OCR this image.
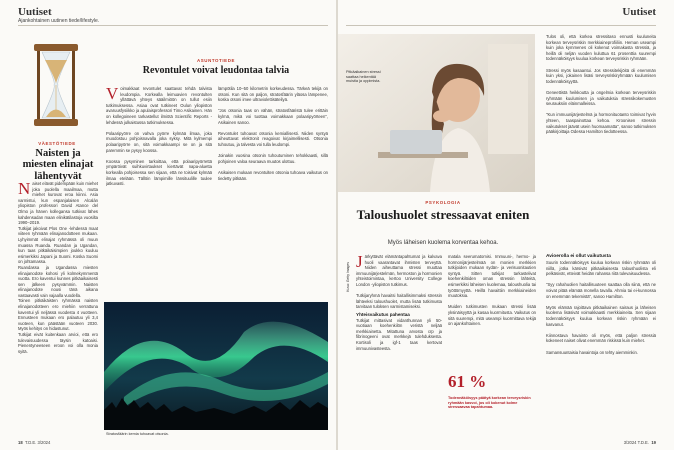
Uutiset
Ajankohtainen uutinen tiede/lifestyle.
VÄESTÖTIEDE
Naisten ja miesten elinajat lähentyvät
N aiset elävät pidempään kuin miehet joka puolella maailmaa, mutta miehet kurovat eroa kiinni. Asia varmistui, kun espanjalaisen Alcalán yliopiston professori David Atance del Olmo ja hänen kollegansa tutkivat lähes kahdensadan maan elinikätilastoja vuosilta 1990–2019.
Tutkijat jakoivat Plos One -lehdessä maat viiteen ryhmään elinajanodotteen mukaan. Lyhyimmät elinajat ryhmässä oli muun muassa Ruanda. Ruandan ja Ugandan, kun taas pitkäikäisimpien joukko kuuluu esimerkiksi Japani ja Suomi. Koska Suomi on johtamassa.
Ruandassa ja Ugandassa miesten elinajanodote kohosi yli kolmekymmentä vuotta. Ero kaventui kunnes pitkäaikaisesti sen jälkeen pysyvämmin. Naisten elinajanodote nousi tänä aikana vastaavasti vain vajaalla vuodella.
Toinen pitkäikäisten ryhmässä naisten elinajanodotteen ero miehiin verrattuna kaventui yli neljässä vuodesta 4 vuotteen. Ennusteen mukaan ero palautuu yli 3,4 vuoteen, kun päästään vuoteen 2030. Myös kehitys on hidastunut.
Tutkijat eivät kuitenkaan arvioi, että ero tulevaisuudessa täysin katoaisi. Pienentyneeseen eroon voi olla monia syitä.
ASUNTOTIEDE
Revontulet voivat leudontaa talvia
V oimakkaat revontulet saattavat tehdä talvista leudompia. Korkealla leimuavien revontulten yllättävä yhteys sääilmiöön on tullut esiin tutkimuksessa. Asiaa ovat tutkineet Oulun yliopiston avaruusfysiikko ja apulaisprofessori Timo Asikainen. Hän on kollegoineen tarkastellut ilmiötä Scientific Reports -lehdessä julkaistussa tutkimuksessa.

Polaaripyörre on vahva pyörre kylmää ilmaa, joka muodostuu pohjoisnavalla joka syksy. Mitä kylmempi polaaripyörre on, sitä voimakkaampi se on ja sitä paremmin se pysyy koossa.

Koossa pysyminen tarkoittaa, että polaaripyörrettä ympäröivät suihkuvirtaukset kiertävät napa-aluetta korkealla pohjoisessa sen sijaan, että ne toisivat kylmää ilmaa etelään. Tällöin lämpimille länsituulille tuulee jatkuvasti.
lämpötila 10–50 kilometrin korkeudessa. Tärkeä tekijä on otsoni. Kun sitä on paljon, stratosfäärin yläosa lämpenee, koska otsoni imee ultraviolettisäteilyä.

"Jos otsonia taas on vähän, stratosfääristä tulee erittäin kylmä, mikä voi tuottaa voimakkaan polaaripyörteen", Asikainen sanoo.

Revontulet tuhoavat otsonia kemiallisesti. Niiden syntyä aiheuttavat elektronit reagoivat kirjaimellisesti. Otsonia tuhoutuu, ja talvesta voi tulla leudompi.

Joinakin vuosina otsonin tuhoutuminen tehokkaasti, sillä pohjoinen valoa seuraava muutos ulottuu.

Asikaisen mukaan revontulten otsonia tuhoava vaikutus on tiedetty pitkään.
Stratosfäärin kemia tuhoavat otsonia.
18 T.D.E. 3/2024
Uutiset
Pitkäaikainen stressi saattaa heikentää muistia ja oppimista.
Kuva: Getty Images
PSYKOLOGIA
Taloushuolet stressaavat eniten
Myös läheisen kuolema korventaa kehoa.
J ärkyttävät elämäntapahtumat ja kalvava huoli vaarantavat ihmisten terveyttä. Niiden aiheuttama stressi muuttaa immuunijärjestelmän, hermoston ja hormonien yhteistoimintaa, kertoo University College London -yliopiston tutkimus.

Tutkijaryhmä havaitsi haitallisimmaksi stressin lähteeksi taloushuolet, mutta lisää tutkimusta tarvitaan tuloksen varmistamiseksi.
Yhteisvaikutus pahentaa
Tutkijat mittasivat vidanthunnan yli 50-vuotiaan koehenkilön veristä neljää merkkiainetta. Mitattuna arvosta crp ja fibrinogeeni ovat merkkejä tulehduksesta. Kortisoli ja igf-1 taas kertovat immuunivasteesta.
matala seerumatomisi. Immuuni-, hermo- ja hormonijärjestelmää on monien merkkien tutkijoiden mukaan sydän- ja verisuonitautien syntyä. Sitten tutkijat tarkastelivat koehenkilöiden oman stressin lähteitä, esimerkiksi läheisen kuolemaa, taloushuolia tai työttömyyttä. Heillä havaittiin merkkiaineiden muutoksia.

Muiden tutkimusten mukaan stressi lisää yksinäisyyttä ja kasaa kuormitusta. Vaikutus on sitä suurempi, mitä useampi kuormittava tekijä on ajankohtainen.
61 %
Todennäköisyys päätyä korkean terveysriskin ryhmään kasvoi, jos oli kokenut kolme stressaavaa tapahtumaa.
Tulos oli, että korkea stressitaso ennusti kuuluneita korkean terveysriskin merkkiaineprofiiliin. Heman useampi kuin joka kymmenes oli kokenut voimakasta stressiä, ja heillä oli neljän vuoden kuluttua 61 prosenttia suurempi todennäköisyys kuulua korkean terveysriskin ryhmään.

Stressi myös kasaantui. Jos stressitekijöitä oli enemmän kuin yksi, jokainen lisäsi terveysriskiryhmään kuulumisen todennäköisyyttä.

Geneettistä heikkoutta ja ongelmia korkean terveysriskin ryhmään kuulumisen ja vaikutuksia stressikokemusten seurauksiin eläinmalleissa.

"Kun immuunijärjestelmä ja hormonituotanto toimivat hyvin yhteen, taaspainottaa kehoa. Kroonisen stressin vaikutukset jäävät usein huomaamatta", sanoo tutkimuksen pääkirjoittaja Odessa Hamilton tiedotteessa.
Avioerolla ei ollut vaikutusta
Suurin todennäköisyys kuulua korkean riskin ryhmään oli niillä, jotka kärsivät pitkäaikaisesta taloushuolista eli pelkäsivät, etteivät heidän rahansa riitä tulevaisuudessa.

"Syy rahahuolien haitallisuuteen saattaa olla siinä, että ne voivat pitää elämää monella tavalla. Ahmia tai ei-kunnossa on enemmän tekemistä", sanoo Hamilton.

Myös elämää rajoittava pitkäaikainen sairaus ja läheisen kuolema lisäsivät voimakkaasti merkkiaineita. Sen sijaan todennäköisyys kuulua korkean riskin ryhmään ei kasvanut.

Kiinnostava havainto oli myös, että paljon stressiä kokeneet naiset olivat enemmän riskissä kuin miehet.

Samansuuntaisia havaintoja on tehty aiemminkin.
3/2024 T.D.E. 19
